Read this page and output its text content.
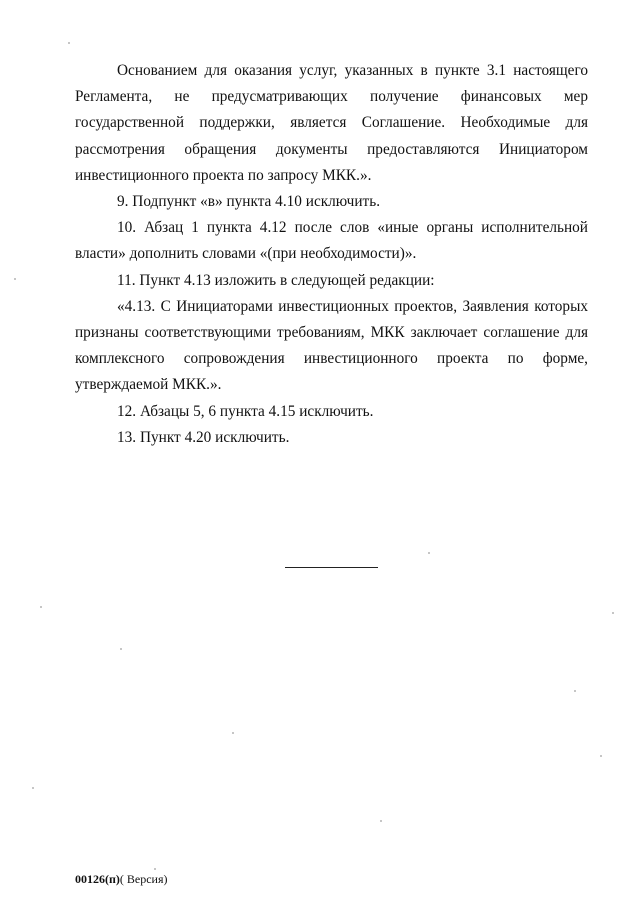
Основанием для оказания услуг, указанных в пункте 3.1 настоящего Регламента, не предусматривающих получение финансовых мер государственной поддержки, является Соглашение. Необходимые для рассмотрения обращения документы предоставляются Инициатором инвестиционного проекта по запросу МКК.».

9. Подпункт «в» пункта 4.10 исключить.

10. Абзац 1 пункта 4.12 после слов «иные органы исполнительной власти» дополнить словами «(при необходимости)».

11. Пункт 4.13 изложить в следующей редакции:

«4.13. С Инициаторами инвестиционных проектов, Заявления которых признаны соответствующими требованиям, МКК заключает соглашение для комплексного сопровождения инвестиционного проекта по форме, утверждаемой МКК.».

12. Абзацы 5, 6 пункта 4.15 исключить.

13. Пункт 4.20 исключить.

00126(п)( Версия)
